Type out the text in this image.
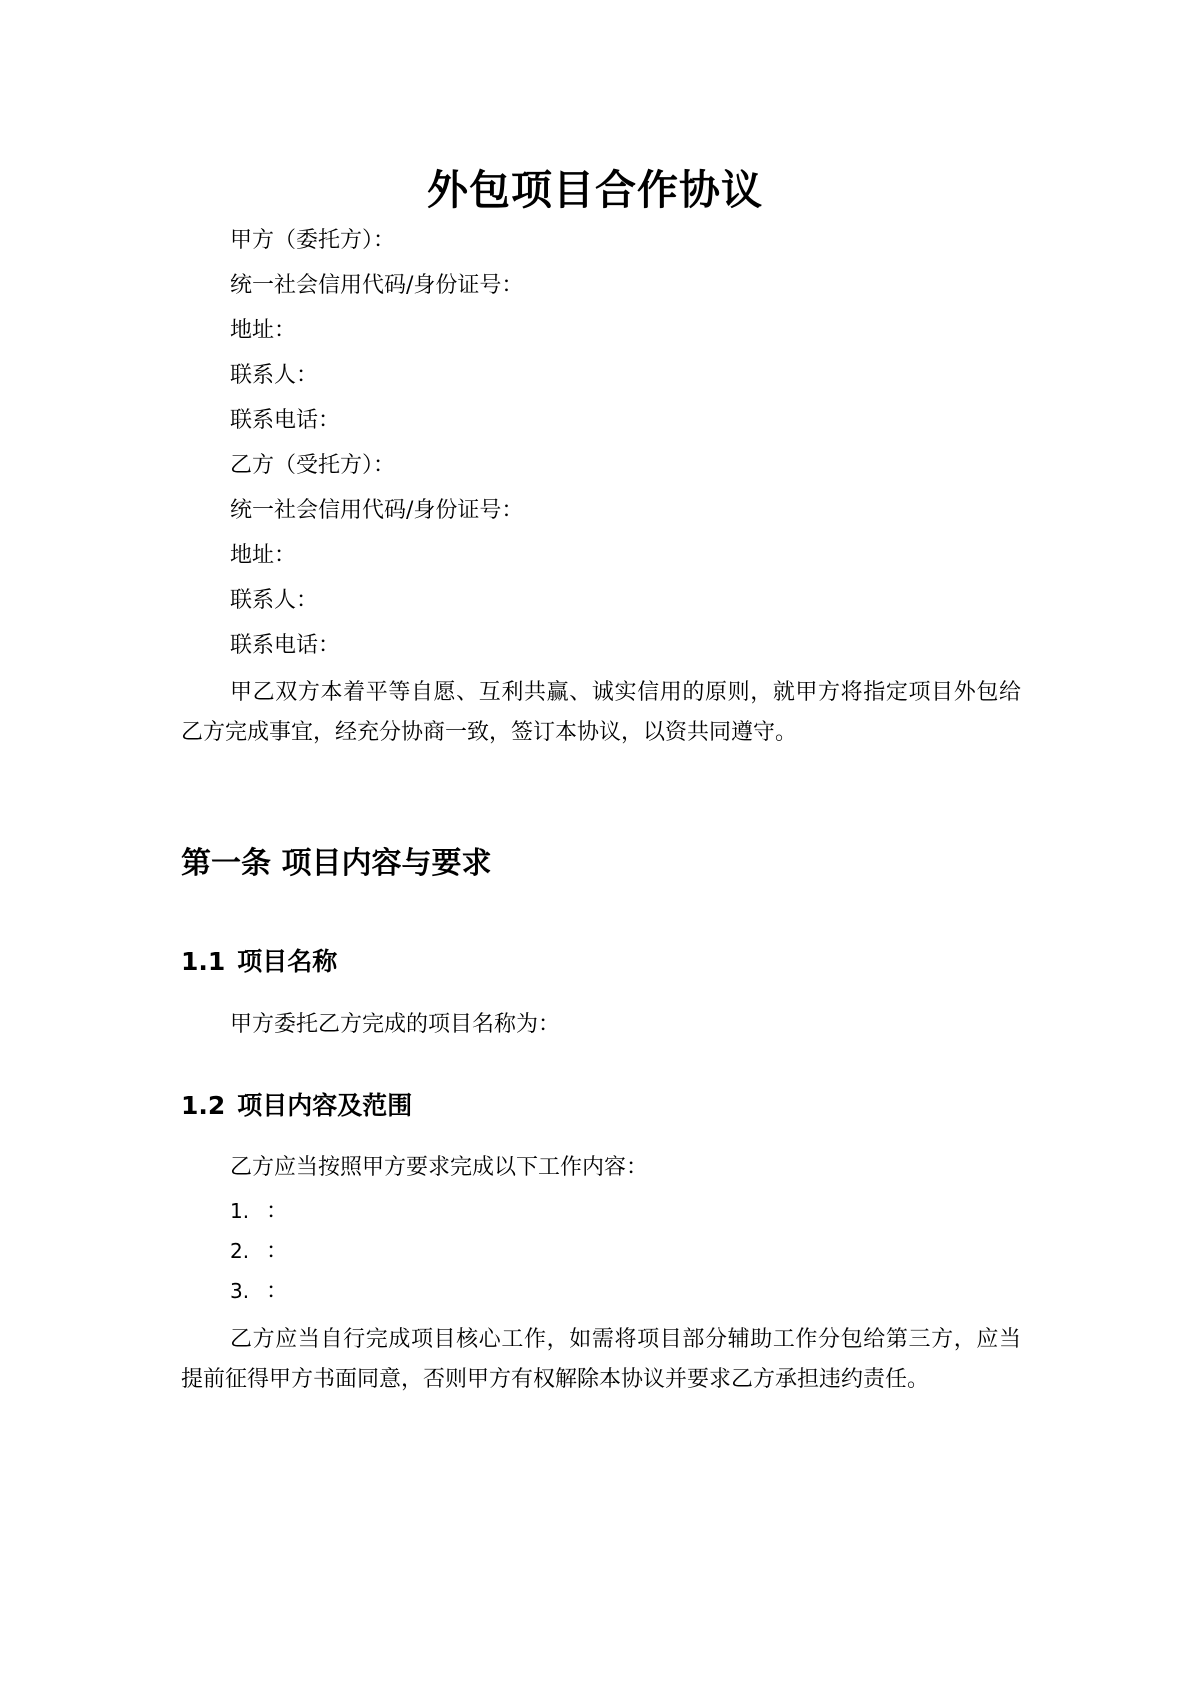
外包项目合作协议
甲方（委托方）：
统一社会信用代码/身份证号：
地址：
联系人：
联系电话：
乙方（受托方）：
统一社会信用代码/身份证号：
地址：
联系人：
联系电话：
甲乙双方本着平等自愿、互利共赢、诚实信用的原则，就甲方将指定项目外包给乙方完成事宜，经充分协商一致，签订本协议，以资共同遵守。
第一条 项目内容与要求
1.1 项目名称
甲方委托乙方完成的项目名称为：
1.2 项目内容及范围
乙方应当按照甲方要求完成以下工作内容：
1. ：
2. ：
3. ：
乙方应当自行完成项目核心工作，如需将项目部分辅助工作分包给第三方，应当提前征得甲方书面同意，否则甲方有权解除本协议并要求乙方承担违约责任。
